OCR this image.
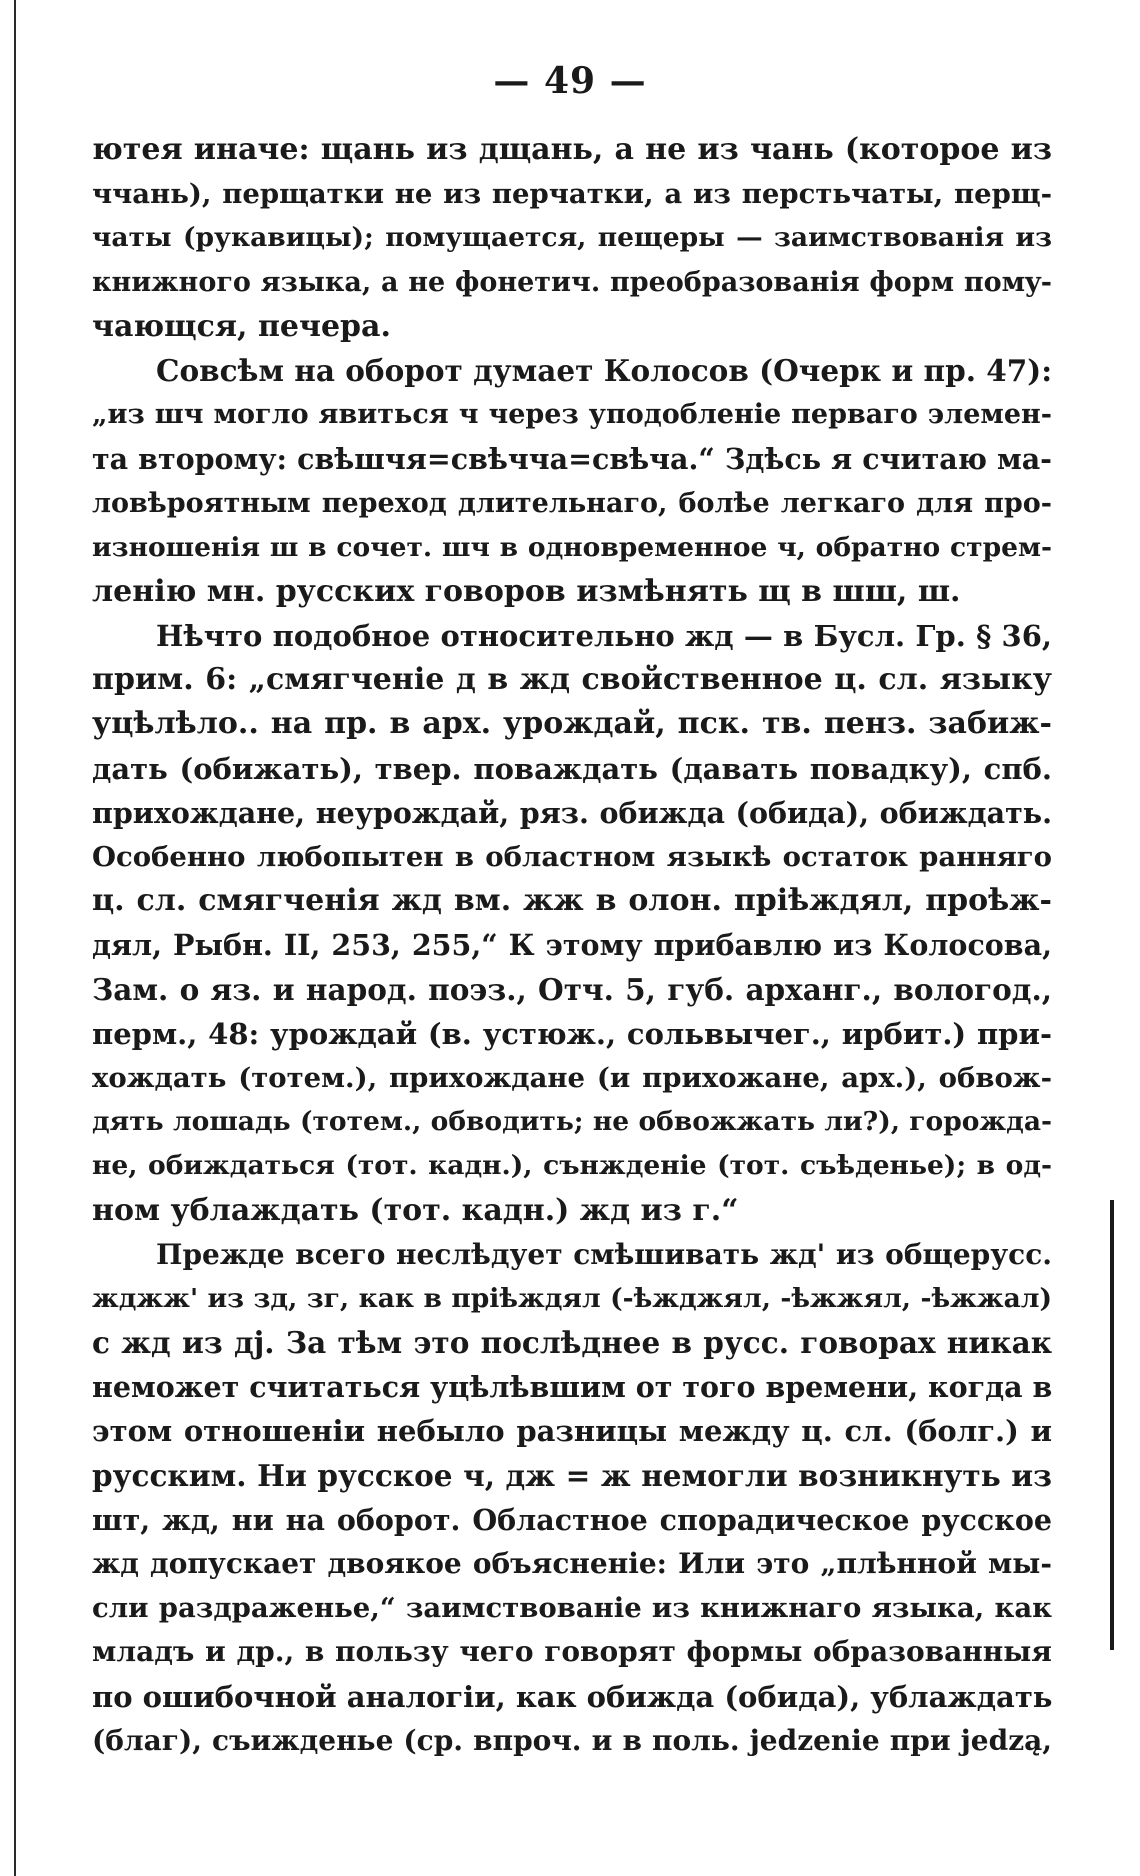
— 49 —
ютея иначе: щань из дщань, а не из чань (которое из
ччань), перщатки не из перчатки, а из перстьчаты, перщ-
чаты (рукавицы); помущается, пещеры — заимствованія из
книжного языка, а не фонетич. преобразованія форм помy-
чающся, печера.
Совсѣм на оборот думает Колосов (Очерк и пр. 47):
„из шч могло явиться ч через уподобленіе перваго элемен-
та второму: свѣшчя=свѣчча=свѣча.“ Здѣсь я считаю ма-
ловѣроятным переход длительнаго, болѣе легкаго для про-
изношенія ш в сочет. шч в одновременное ч, обратно стрем-
ленію мн. русских говоров измѣнять щ в шш, ш.
Нѣчто подобное относительно жд — в Бусл. Гр. § 36,
прим. 6: „смягченіе д в жд свойственное ц. сл. языку
уцѣлѣло.. на пр. в арх. урождай, пск. тв. пенз. забиж-
дать (обижать), твер. поваждать (давать повадку), спб.
прихождане, неурождай, ряз. обижда (обида), обиждать.
Особенно любопытен в областном языкѣ остаток ранняго
ц. сл. смягченія жд вм. жж в олон. пріѣждял, проѣж-
дял, Рыбн. II, 253, 255,“ К этому прибавлю из Колосова,
Зам. о яз. и народ. поэз., Отч. 5, губ. арханг., вологод.,
перм., 48: урождай (в. устюж., сольвычег., ирбит.) при-
хождать (тотем.), прихождане (и прихожане, арх.), обвож-
дять лошадь (тотем., обводить; не обвожжать ли?), горожда-
не, обиждаться (тот. кадн.), сънжденіе (тот. съѣденье); в од-
ном ублаждать (тот. кадн.) жд из г.“
Прежде всего неслѣдует смѣшивать жд' из общерусс.
жджж' из зд, зг, как в пріѣждял (-ѣжджял, -ѣжжял, -ѣжжал)
с жд из дј. За тѣм это послѣднее в русс. говорах никак
неможет считаться уцѣлѣвшим от того времени, когда в
этом отношеніи небыло разницы между ц. сл. (болг.) и
русским. Ни русское ч, дж = ж немогли возникнуть из
шт, жд, ни на оборот. Областное спорадическое русское
жд допускает двоякое объясненіе: Или это „плѣнной мы-
сли раздраженье,“ заимствованіе из книжнаго языка, как
младъ и др., в пользу чего говорят формы образованныя
по ошибочной аналогіи, как обижда (обида), ублаждать
(благ), съижденье (ср. впроч. и в поль. jedzenie при jedzą,
